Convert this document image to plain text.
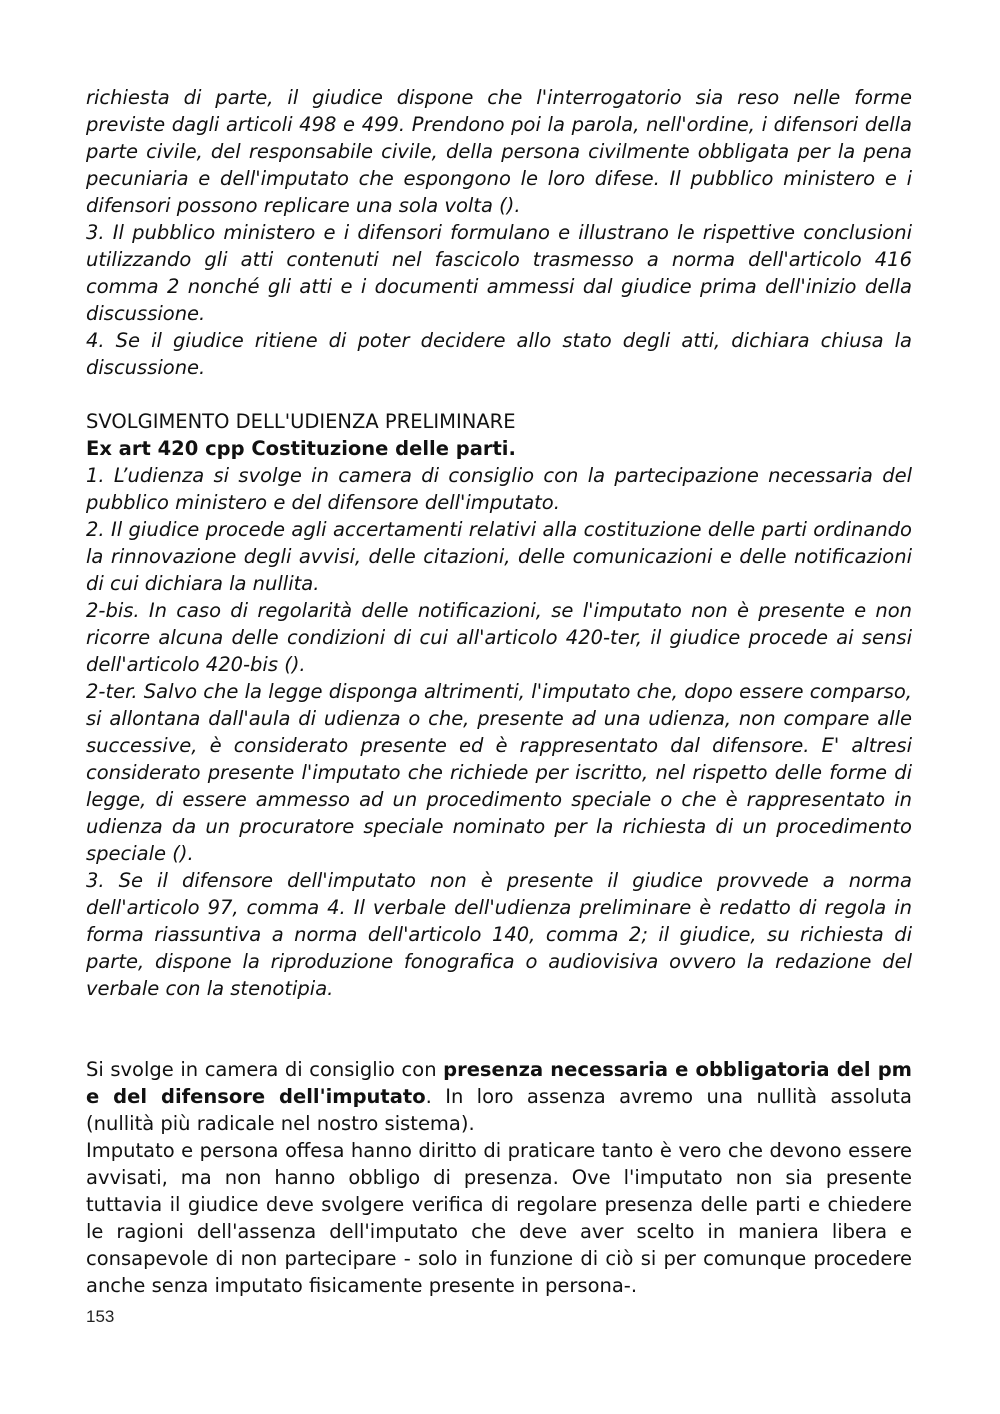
richiesta di parte, il giudice dispone che l'interrogatorio sia reso nelle forme previste dagli articoli 498 e 499. Prendono poi la parola, nell'ordine, i difensori della parte civile, del responsabile civile, della persona civilmente obbligata per la pena pecuniaria e dell'imputato che espongono le loro difese. Il pubblico ministero e i difensori possono replicare una sola volta ().

3. Il pubblico ministero e i difensori formulano e illustrano le rispettive conclusioni utilizzando gli atti contenuti nel fascicolo trasmesso a norma dell'articolo 416 comma 2 nonché gli atti e i documenti ammessi dal giudice prima dell'inizio della discussione.

4. Se il giudice ritiene di poter decidere allo stato degli atti, dichiara chiusa la discussione.

SVOLGIMENTO DELL'UDIENZA PRELIMINARE

Ex art 420 cpp Costituzione delle parti.

1. L’udienza si svolge in camera di consiglio con la partecipazione necessaria del pubblico ministero e del difensore dell'imputato.

2. Il giudice procede agli accertamenti relativi alla costituzione delle parti ordinando la rinnovazione degli avvisi, delle citazioni, delle comunicazioni e delle notificazioni di cui dichiara la nullita.

2-bis. In caso di regolarità delle notificazioni, se l'imputato non è presente e non ricorre alcuna delle condizioni di cui all'articolo 420-ter, il giudice procede ai sensi dell'articolo 420-bis ().

2-ter. Salvo che la legge disponga altrimenti, l'imputato che, dopo essere comparso, si allontana dall'aula di udienza o che, presente ad una udienza, non compare alle successive, è considerato presente ed è rappresentato dal difensore. E' altresi considerato presente l'imputato che richiede per iscritto, nel rispetto delle forme di legge, di essere ammesso ad un procedimento speciale o che è rappresentato in udienza da un procuratore speciale nominato per la richiesta di un procedimento speciale ().

3. Se il difensore dell'imputato non è presente il giudice provvede a norma dell'articolo 97, comma 4. Il verbale dell'udienza preliminare è redatto di regola in forma riassuntiva a norma dell'articolo 140, comma 2; il giudice, su richiesta di parte, dispone la riproduzione fonografica o audiovisiva ovvero la redazione del verbale con la stenotipia.

Si svolge in camera di consiglio con presenza necessaria e obbligatoria del pm e del difensore dell'imputato. In loro assenza avremo una nullità assoluta (nullità più radicale nel nostro sistema).

Imputato e persona offesa hanno diritto di praticare tanto è vero che devono essere avvisati, ma non hanno obbligo di presenza. Ove l'imputato non sia presente tuttavia il giudice deve svolgere verifica di regolare presenza delle parti e chiedere le ragioni dell'assenza dell'imputato che deve aver scelto in maniera libera e consapevole di non partecipare - solo in funzione di ciò si per comunque procedere anche senza imputato fisicamente presente in persona-.

153
